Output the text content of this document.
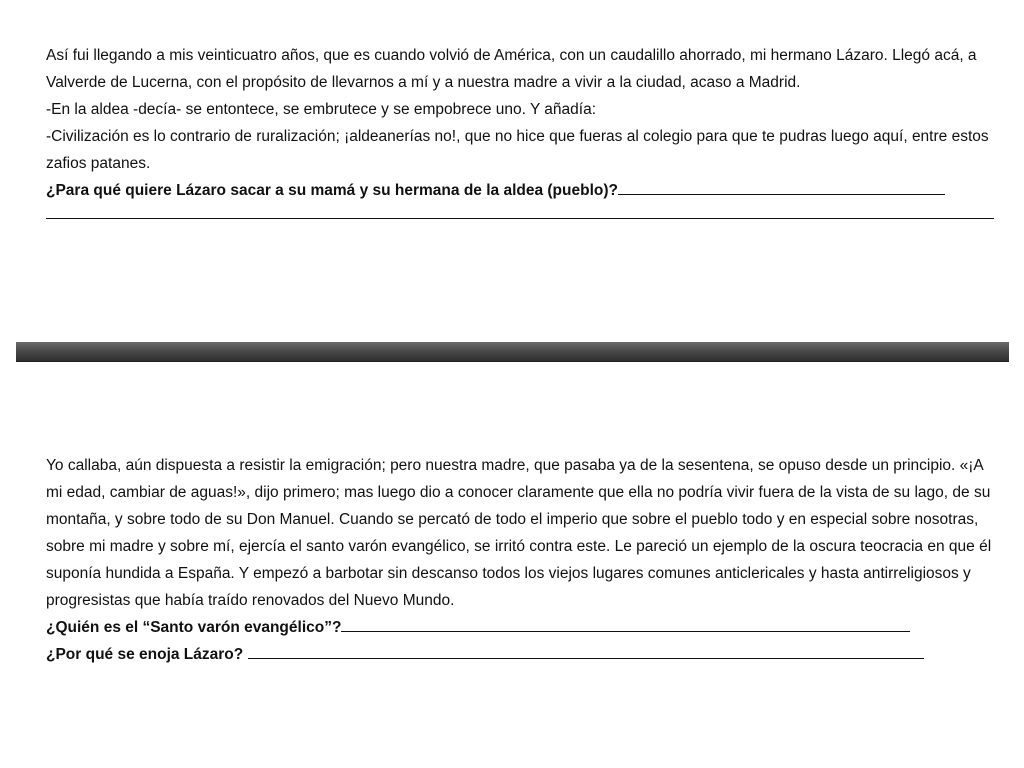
Así fui llegando a mis veinticuatro años, que es cuando volvió de América, con un caudalillo ahorrado, mi hermano Lázaro. Llegó acá, a Valverde de Lucerna, con el propósito de llevarnos a mí y a nuestra madre a vivir a la ciudad, acaso a Madrid.

-En la aldea -decía- se entontece, se embrutece y se empobrece uno. Y añadía:

-Civilización es lo contrario de ruralización; ¡aldeanerías no!, que no hice que fueras al colegio para que te pudras luego aquí, entre estos zafios patanes.

¿Para qué quiere Lázaro sacar a su mamá y su hermana de la aldea (pueblo)?

Yo callaba, aún dispuesta a resistir la emigración; pero nuestra madre, que pasaba ya de la sesentena, se opuso desde un principio. «¡A mi edad, cambiar de aguas!», dijo primero; mas luego dio a conocer claramente que ella no podría vivir fuera de la vista de su lago, de su montaña, y sobre todo de su Don Manuel. Cuando se percató de todo el imperio que sobre el pueblo todo y en especial sobre nosotras, sobre mi madre y sobre mí, ejercía el santo varón evangélico, se irritó contra este. Le pareció un ejemplo de la oscura teocracia en que él suponía hundida a España. Y empezó a barbotar sin descanso todos los viejos lugares comunes anticlericales y hasta antirreligiosos y progresistas que había traído renovados del Nuevo Mundo.

¿Quién es el “Santo varón evangélico”?

¿Por qué se enoja Lázaro?
